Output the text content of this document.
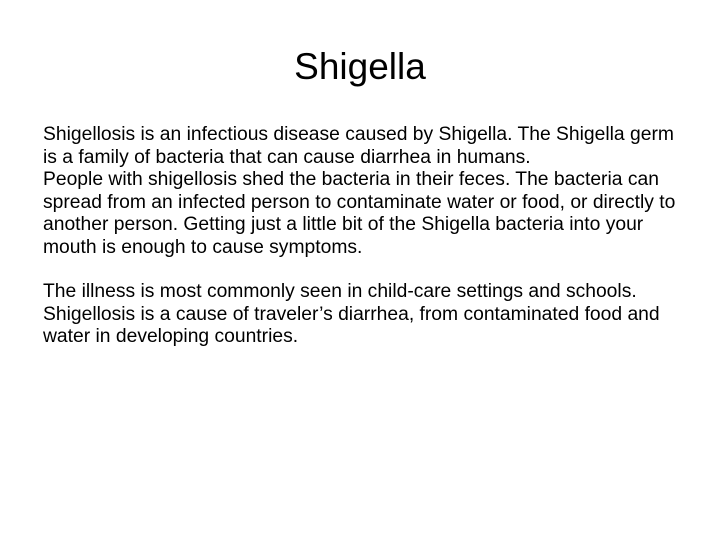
Shigella

Shigellosis is an infectious disease caused by Shigella. The Shigella germ is a family of bacteria that can cause diarrhea in humans.

People with shigellosis shed the bacteria in their feces. The bacteria can spread from an infected person to contaminate water or food, or directly to another person. Getting just a little bit of the Shigella bacteria into your mouth is enough to cause symptoms.

The illness is most commonly seen in child-care settings and schools.

Shigellosis is a cause of traveler’s diarrhea, from contaminated food and water in developing countries.
